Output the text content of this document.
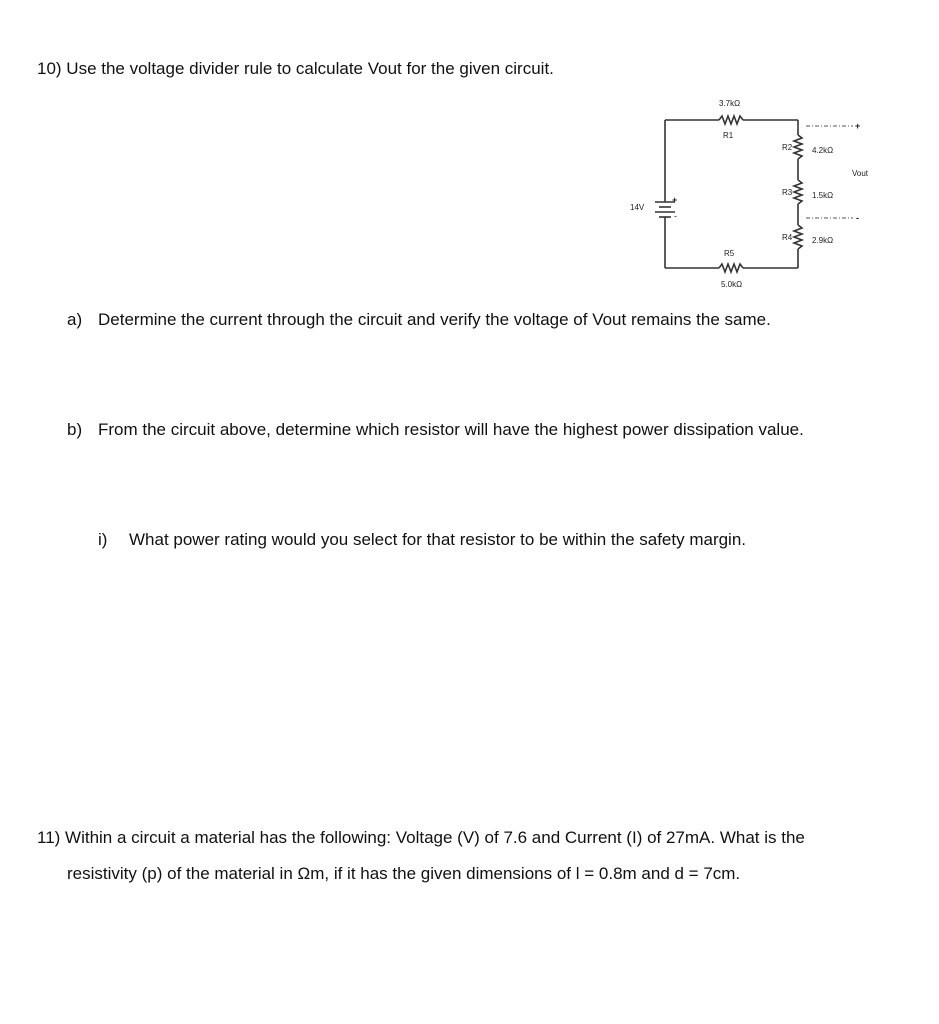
10) Use the voltage divider rule to calculate Vout for the given circuit.
14V
+
-
3.7kΩ
R1
R2 4.2kΩ
R3 1.5kΩ
R4 2.9kΩ
R5
5.0kΩ
+
Vout
-
a) Determine the current through the circuit and verify the voltage of Vout remains the same.
b) From the circuit above, determine which resistor will have the highest power dissipation value.
i) What power rating would you select for that resistor to be within the safety margin.
11) Within a circuit a material has the following: Voltage (V) of 7.6 and Current (I) of 27mA. What is the
resistivity (p) of the material in Ωm, if it has the given dimensions of l = 0.8m and d = 7cm.
